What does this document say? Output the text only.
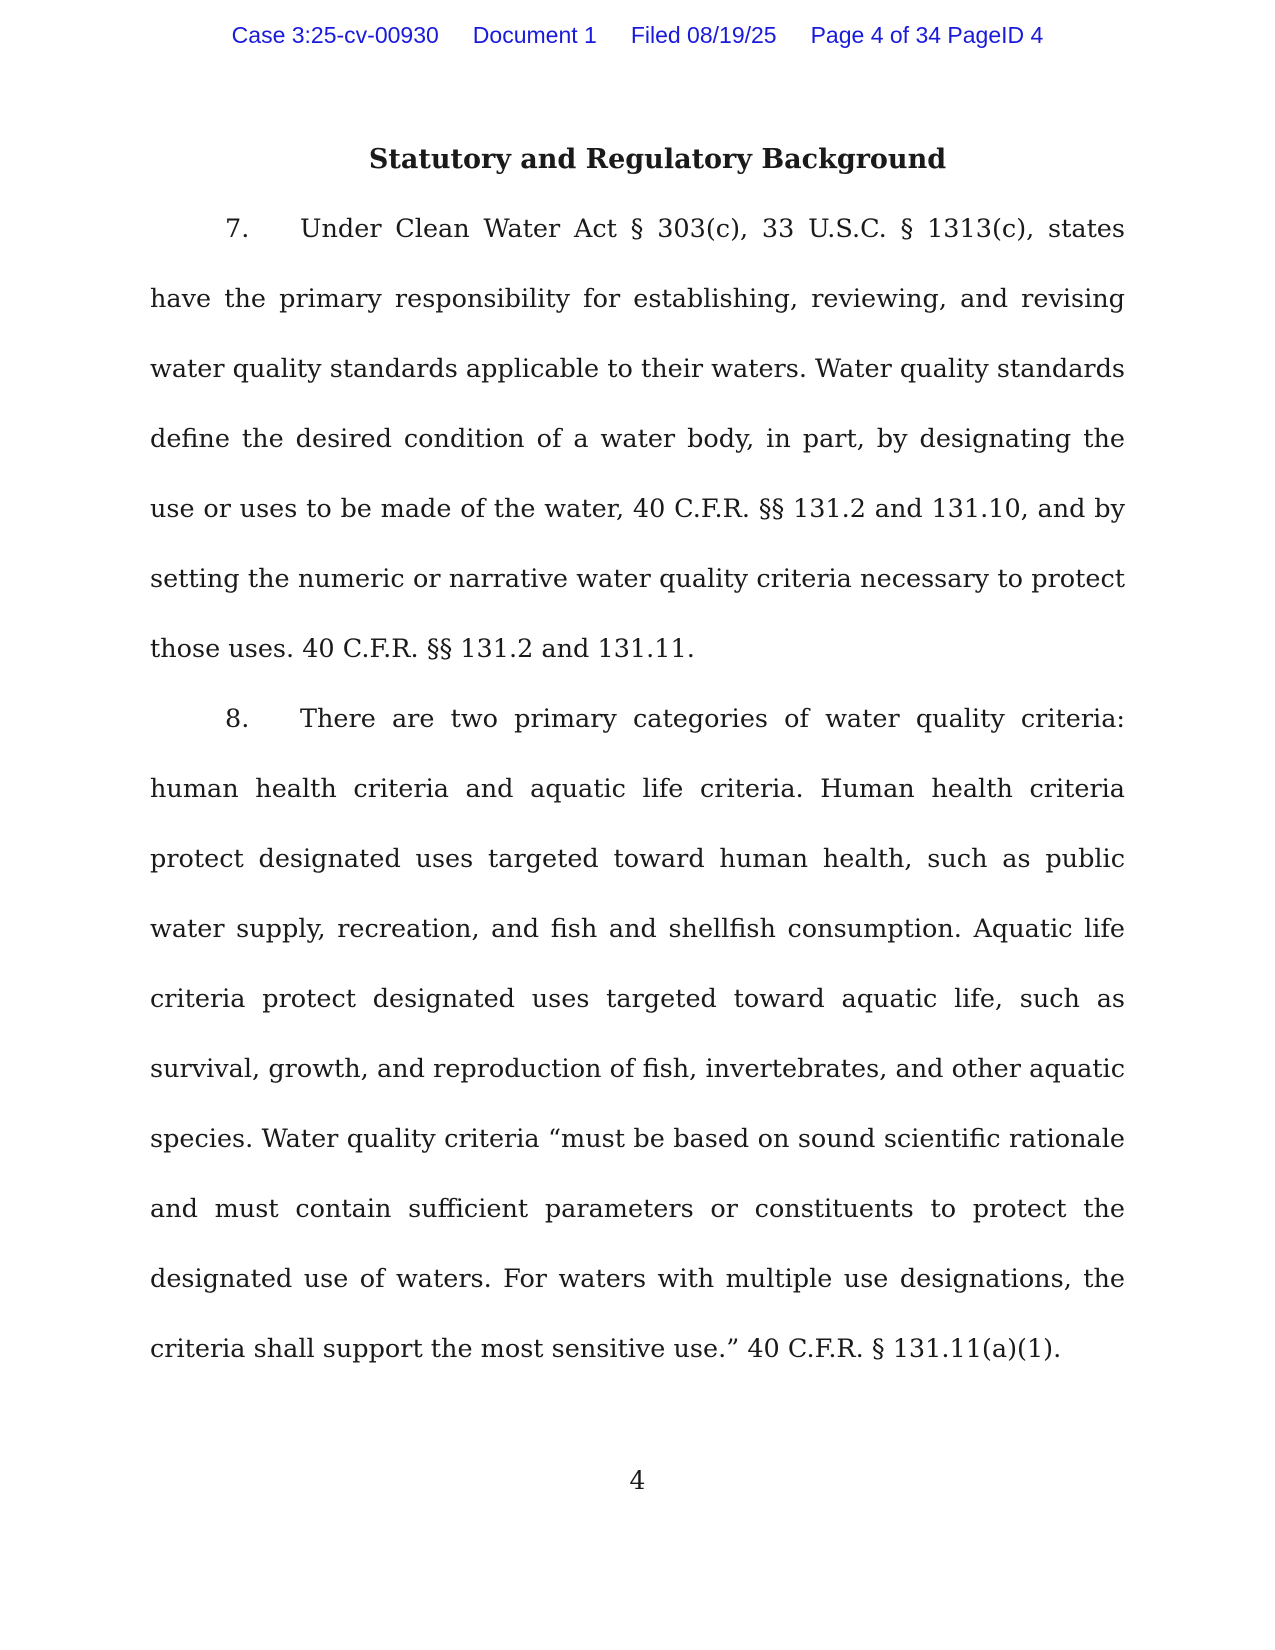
Case 3:25-cv-00930 Document 1 Filed 08/19/25 Page 4 of 34 PageID 4
Statutory and Regulatory Background

7. Under Clean Water Act § 303(c), 33 U.S.C. § 1313(c), states have the primary responsibility for establishing, reviewing, and revising water quality standards applicable to their waters. Water quality standards define the desired condition of a water body, in part, by designating the use or uses to be made of the water, 40 C.F.R. §§ 131.2 and 131.10, and by setting the numeric or narrative water quality criteria necessary to protect those uses. 40 C.F.R. §§ 131.2 and 131.11.

8. There are two primary categories of water quality criteria: human health criteria and aquatic life criteria. Human health criteria protect designated uses targeted toward human health, such as public water supply, recreation, and fish and shellfish consumption. Aquatic life criteria protect designated uses targeted toward aquatic life, such as survival, growth, and reproduction of fish, invertebrates, and other aquatic species. Water quality criteria “must be based on sound scientific rationale and must contain sufficient parameters or constituents to protect the designated use of waters. For waters with multiple use designations, the criteria shall support the most sensitive use.” 40 C.F.R. § 131.11(a)(1).

4
